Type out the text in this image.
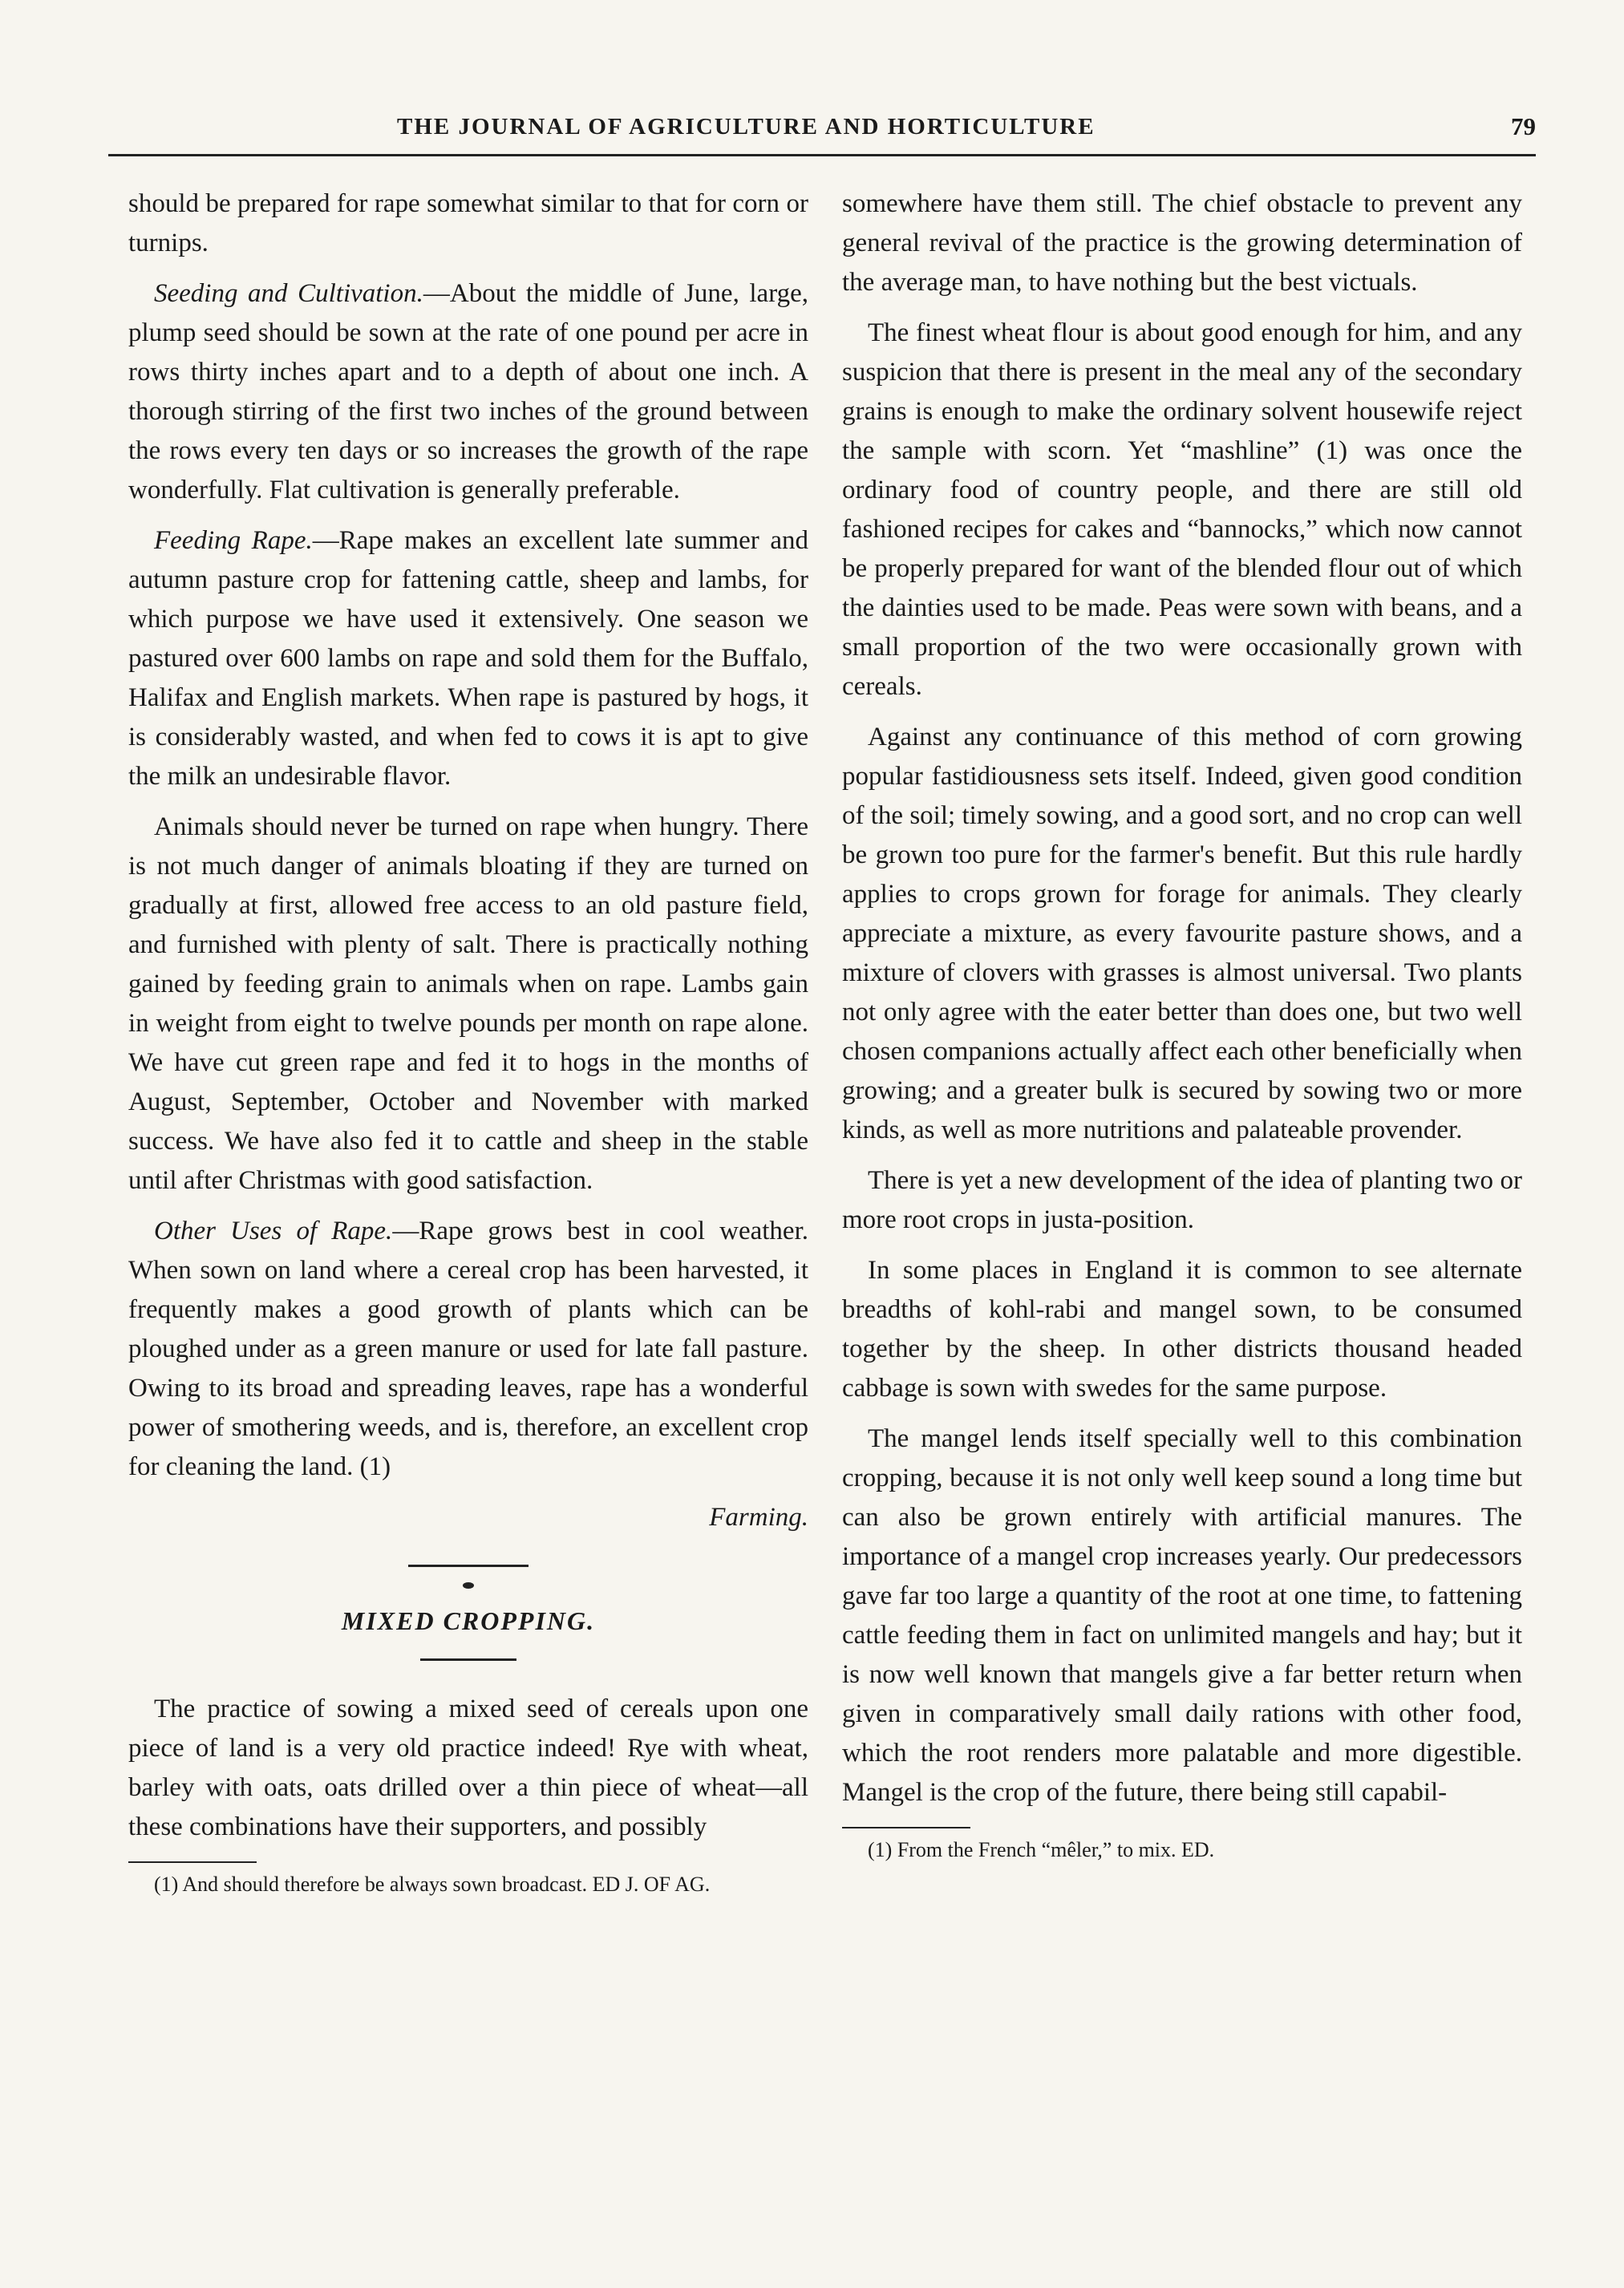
THE JOURNAL OF AGRICULTURE AND HORTICULTURE	79

should be prepared for rape somewhat similar to that for corn or turnips.

Seeding and Cultivation.—About the middle of June, large, plump seed should be sown at the rate of one pound per acre in rows thirty inches apart and to a depth of about one inch. A thorough stirring of the first two inches of the ground between the rows every ten days or so increases the growth of the rape wonderfully. Flat cultivation is generally preferable.

Feeding Rape.—Rape makes an excellent late summer and autumn pasture crop for fattening cattle, sheep and lambs, for which purpose we have used it extensively. One season we pastured over 600 lambs on rape and sold them for the Buffalo, Halifax and English markets. When rape is pastured by hogs, it is considerably wasted, and when fed to cows it is apt to give the milk an undesirable flavor.

Animals should never be turned on rape when hungry. There is not much danger of animals bloating if they are turned on gradually at first, allowed free access to an old pasture field, and furnished with plenty of salt. There is practically nothing gained by feeding grain to animals when on rape. Lambs gain in weight from eight to twelve pounds per month on rape alone. We have cut green rape and fed it to hogs in the months of August, September, October and November with marked success. We have also fed it to cattle and sheep in the stable until after Christmas with good satisfaction.

Other Uses of Rape.—Rape grows best in cool weather. When sown on land where a cereal crop has been harvested, it frequently makes a good growth of plants which can be ploughed under as a green manure or used for late fall pasture. Owing to its broad and spreading leaves, rape has a wonderful power of smothering weeds, and is, therefore, an excellent crop for cleaning the land. (1)

Farming.
MIXED CROPPING.

The practice of sowing a mixed seed of cereals upon one piece of land is a very old practice indeed! Rye with wheat, barley with oats, oats drilled over a thin piece of wheat—all these combinations have their supporters, and possibly

(1) And should therefore be always sown broadcast. ED J. OF AG.

somewhere have them still. The chief obstacle to prevent any general revival of the practice is the growing determination of the average man, to have nothing but the best victuals.

The finest wheat flour is about good enough for him, and any suspicion that there is present in the meal any of the secondary grains is enough to make the ordinary solvent housewife reject the sample with scorn. Yet “mashline” (1) was once the ordinary food of country people, and there are still old fashioned recipes for cakes and “bannocks,” which now cannot be properly prepared for want of the blended flour out of which the dainties used to be made. Peas were sown with beans, and a small proportion of the two were occasionally grown with cereals.

Against any continuance of this method of corn growing popular fastidiousness sets itself. Indeed, given good condition of the soil; timely sowing, and a good sort, and no crop can well be grown too pure for the farmer's benefit. But this rule hardly applies to crops grown for forage for animals. They clearly appreciate a mixture, as every favourite pasture shows, and a mixture of clovers with grasses is almost universal. Two plants not only agree with the eater better than does one, but two well chosen companions actually affect each other beneficially when growing; and a greater bulk is secured by sowing two or more kinds, as well as more nutritions and palateable provender.

There is yet a new development of the idea of planting two or more root crops in justa-position.

In some places in England it is common to see alternate breadths of kohl-rabi and mangel sown, to be consumed together by the sheep. In other districts thousand headed cabbage is sown with swedes for the same purpose.

The mangel lends itself specially well to this combination cropping, because it is not only well keep sound a long time but can also be grown entirely with artificial manures. The importance of a mangel crop increases yearly. Our predecessors gave far too large a quantity of the root at one time, to fattening cattle feeding them in fact on unlimited mangels and hay; but it is now well known that mangels give a far better return when given in comparatively small daily rations with other food, which the root renders more palatable and more digestible. Mangel is the crop of the future, there being still capabil-

(1) From the French “mêler,” to mix. ED.
